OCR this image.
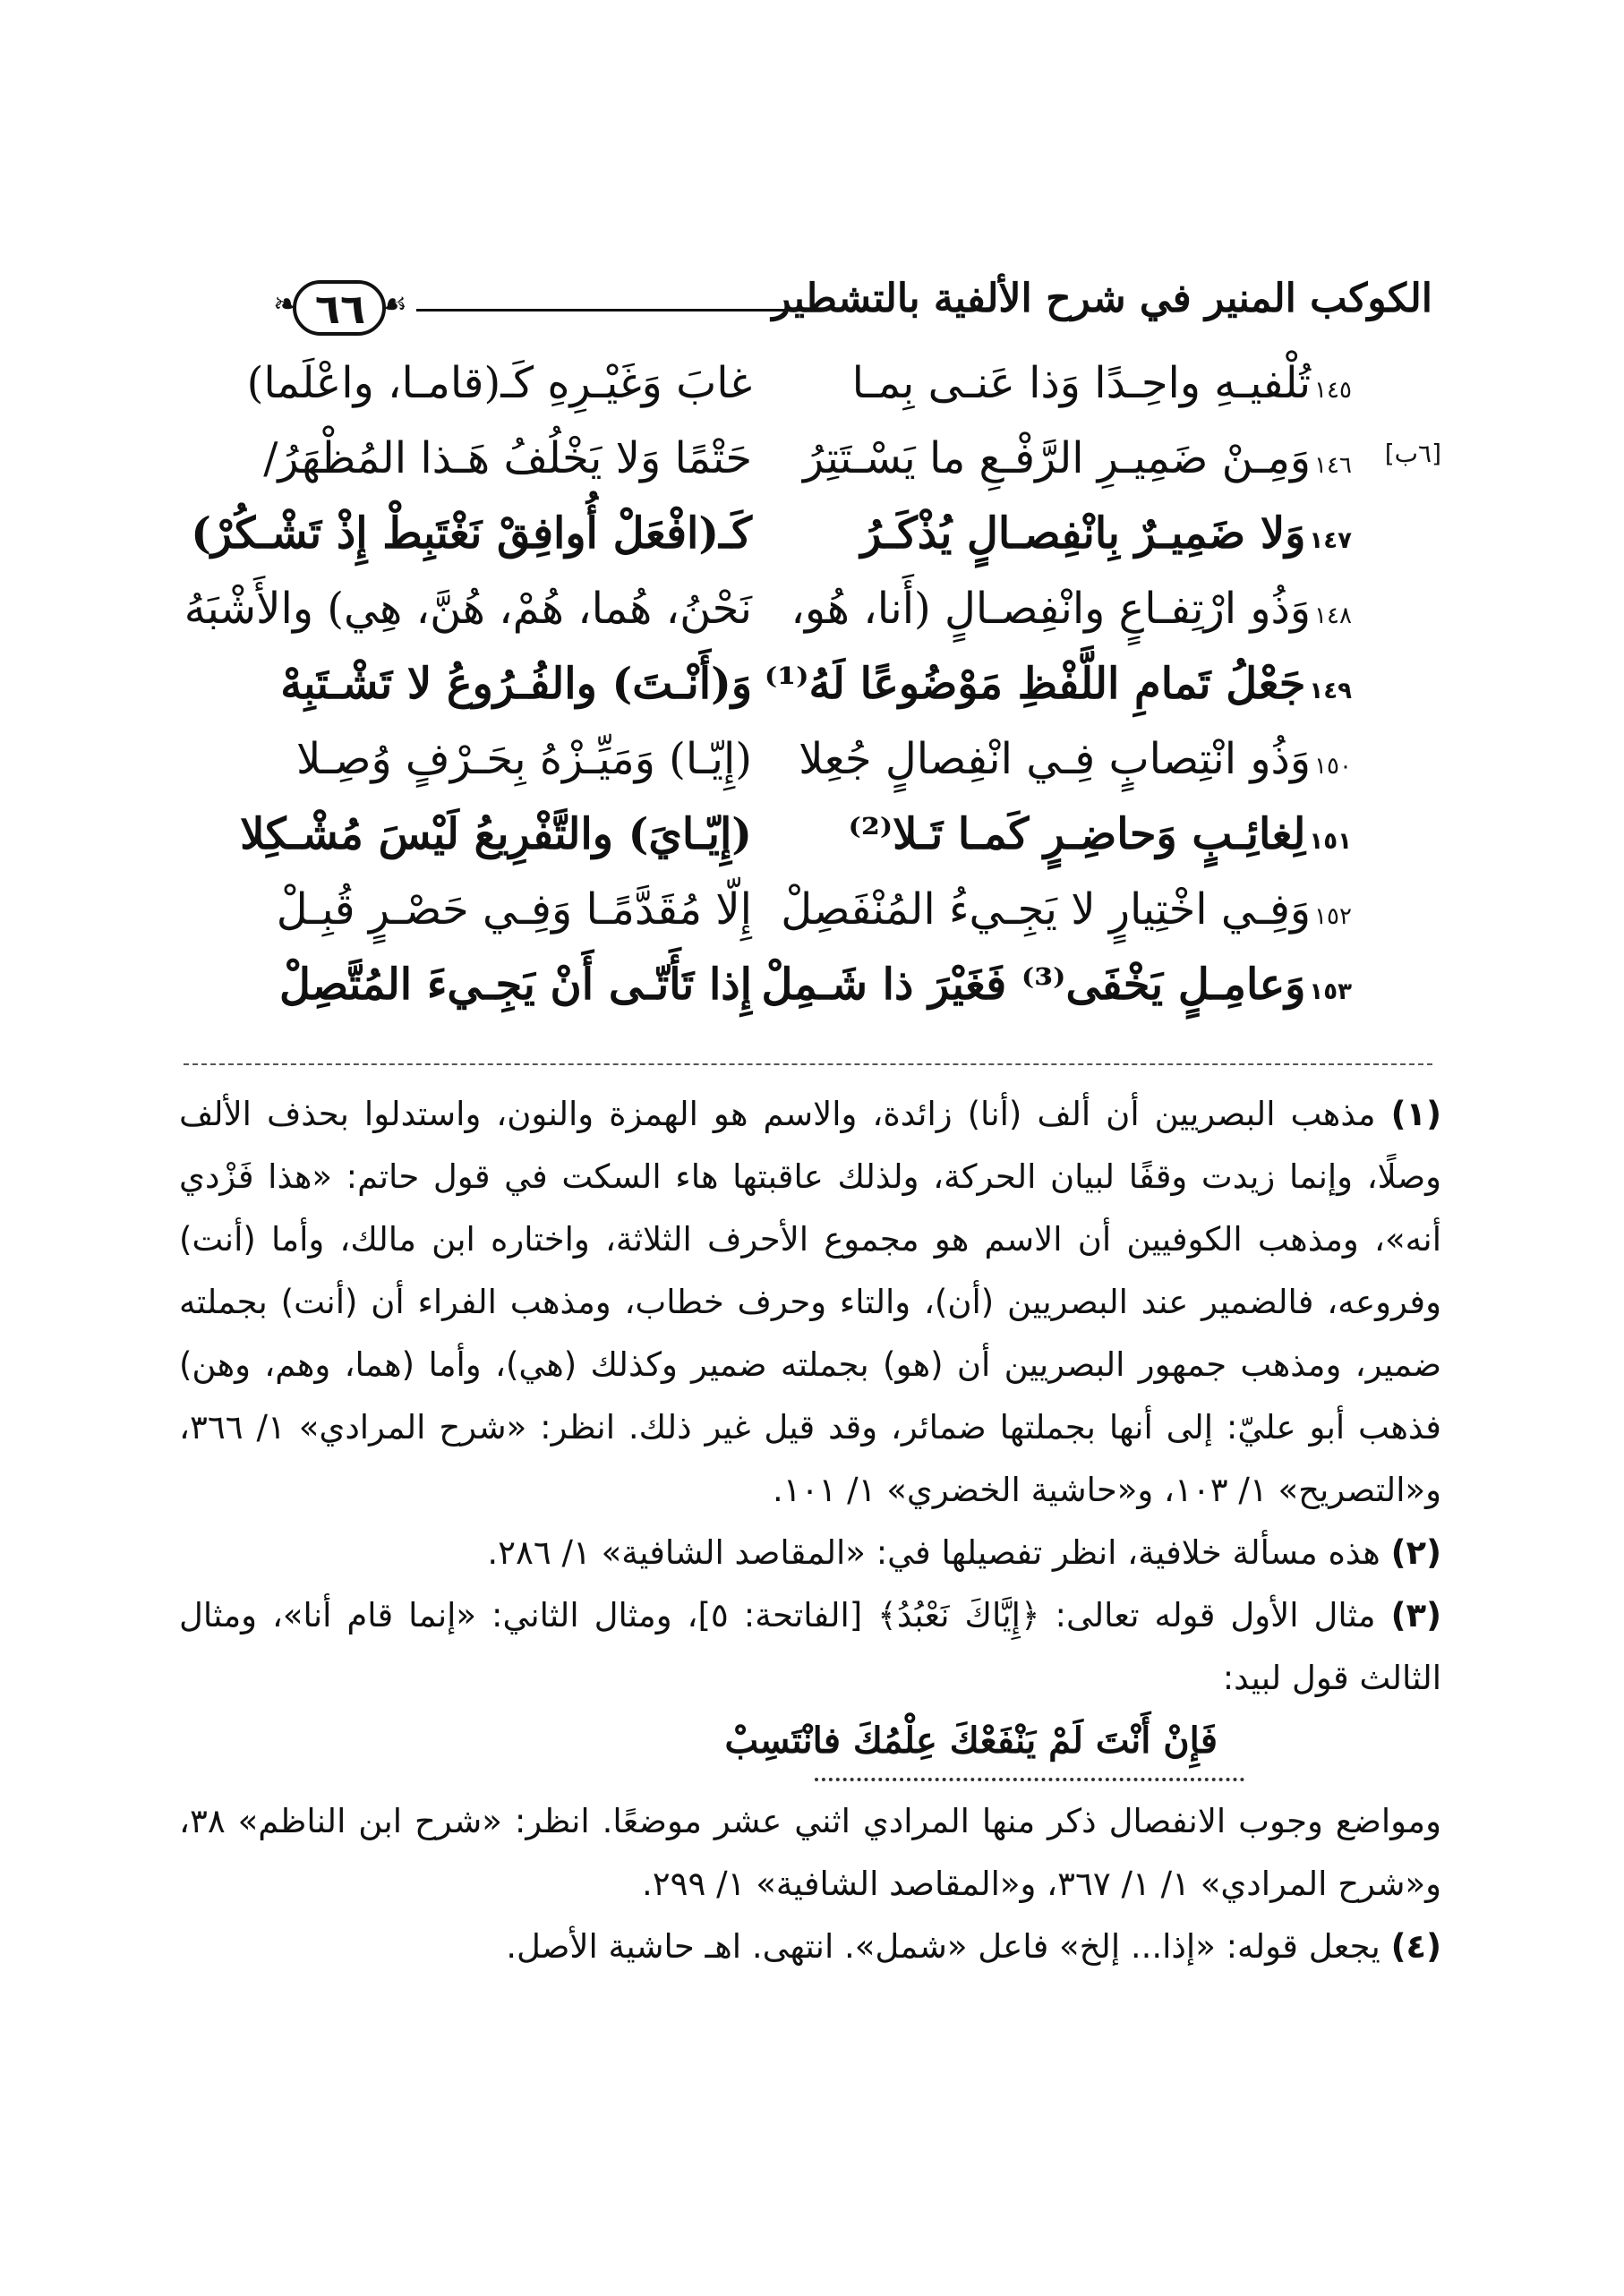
❧ ٦٦ ☙	الكوكب المنير في شرح الألفية بالتشطير
١٤٥تُلْفيـهِ واحِـدًا وَذا عَنـى بِمـا
غابَ وَغَيْـرِهِ كَـ(قامـا، واعْلَما)
[٦ب]
١٤٦وَمِـنْ ضَمِيـرِ الرَّفْـعِ ما يَسْـتَتِرُ
حَتْمًا وَلا يَخْلُفُ هَـذا المُظْهَرُ/
١٤٧وَلا ضَمِيـرٌ بِانْفِصـالٍ يُذْكَـرُ
كَـ(افْعَلْ أُوافِقْ نَغْتَبِطْ إِذْ تَشْـكُرْ)
١٤٨وَذُو ارْتِفـاعٍ وانْفِصـالٍ (أَنا، هُو،
نَحْنُ، هُما، هُمْ، هُنَّ، هِي) والأَشْبَهُ
١٤٩جَعْلُ تَمامِ اللَّفْظِ مَوْضُوعًا لَهُ⁽¹⁾
وَ(أَنْـتَ) والفُـرُوعُ لا تَشْـتَبِهْ
١٥٠وَذُو انْتِصابٍ فِـي انْفِصالٍ جُعِلا
(إِيّـا) وَمَيِّـزْهُ بِحَـرْفٍ وُصِـلا
١٥١لِغائِـبٍ وَحاضِـرٍ كَمـا تَـلا⁽²⁾
(إِيّـايَ) والتَّفْرِيعُ لَيْسَ مُشْـكِلا
١٥٢وَفِـي اخْتِيارٍ لا يَجِـيءُ المُنْفَصِلْ
إِلّا مُقَدَّمًـا وَفِـي حَصْـرٍ قُبِـلْ
١٥٣وَعامِـلٍ يَخْفَى⁽³⁾ فَغَيْرَ ذا شَـمِلْ
إِذا تَأَتّـى أَنْ يَجِـيءَ المُتَّصِلْ

(١) مذهب البصريين أن ألف (أنا) زائدة، والاسم هو الهمزة والنون، واستدلوا بحذف الألف وصلًا، وإنما زيدت وقفًا لبيان الحركة، ولذلك عاقبتها هاء السكت في قول حاتم: «هذا فَزْدي أنه»، ومذهب الكوفيين أن الاسم هو مجموع الأحرف الثلاثة، واختاره ابن مالك، وأما (أنت) وفروعه، فالضمير عند البصريين (أن)، والتاء وحرف خطاب، ومذهب الفراء أن (أنت) بجملته ضمير، ومذهب جمهور البصريين أن (هو) بجملته ضمير وكذلك (هي)، وأما (هما، وهم، وهن) فذهب أبو عليّ: إلى أنها بجملتها ضمائر، وقد قيل غير ذلك. انظر: «شرح المرادي» ١/ ٣٦٦، و«التصريح» ١/ ١٠٣، و«حاشية الخضري» ١/ ١٠١.

(٢) هذه مسألة خلافية، انظر تفصيلها في: «المقاصد الشافية» ١/ ٢٨٦.

(٣) مثال الأول قوله تعالى: ﴿إِيَّاكَ نَعْبُدُ﴾ [الفاتحة: ٥]، ومثال الثاني: «إنما قام أنا»، ومثال الثالث قول لبيد:
فَإِنْ أَنْتَ لَمْ يَنْفَعْكَ عِلْمُكَ فانْتَسِبْ
ومواضع وجوب الانفصال ذكر منها المرادي اثني عشر موضعًا. انظر: «شرح ابن الناظم» ٣٨، و«شرح المرادي» ١/ ١/ ٣٦٧، و«المقاصد الشافية» ١/ ٢٩٩.

(٤) يجعل قوله: «إذا... إلخ» فاعل «شمل». انتهى. اهـ حاشية الأصل.
